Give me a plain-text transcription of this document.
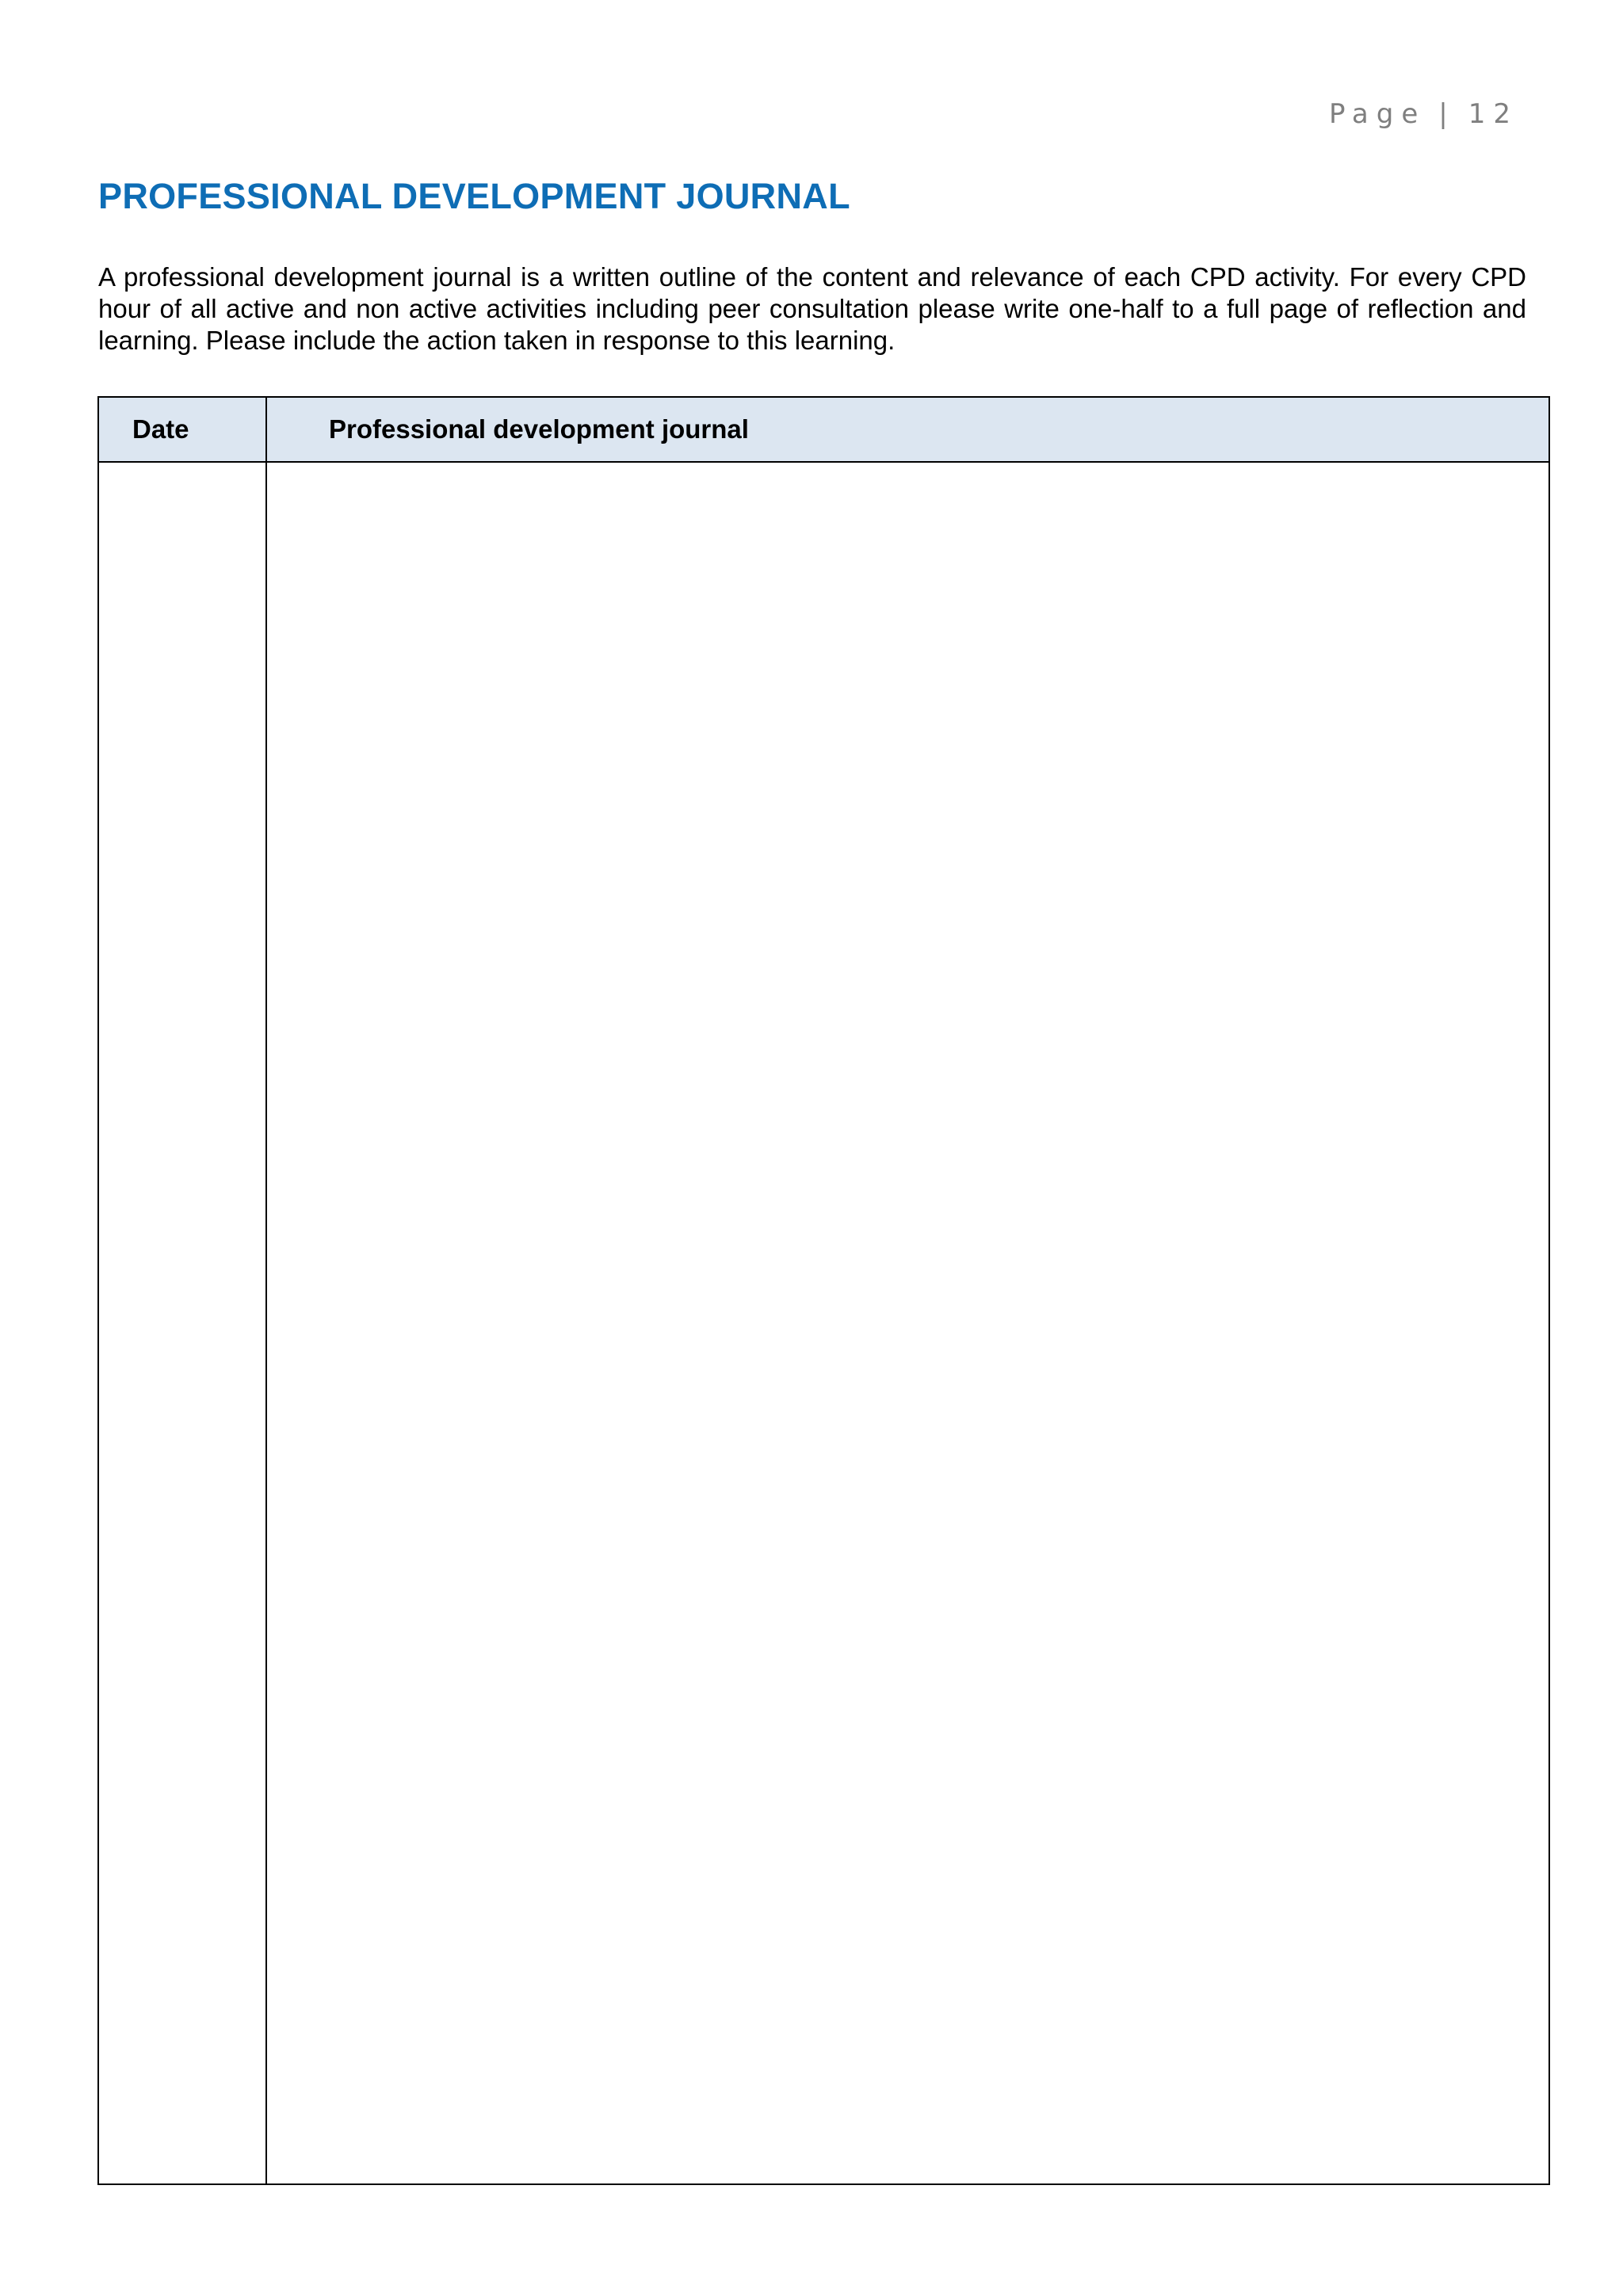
Page | 12
PROFESSIONAL DEVELOPMENT JOURNAL

A professional development journal is a written outline of the content and relevance of each CPD activity. For every CPD hour of all active and non active activities including peer consultation please write one-half to a full page of reflection and learning. Please include the action taken in response to this learning.

Date	Professional development journal
